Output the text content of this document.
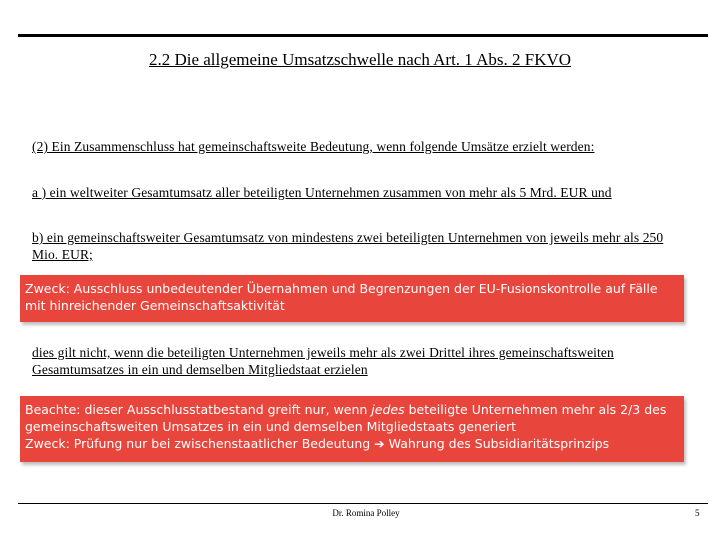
2.2 Die allgemeine Umsatzschwelle nach Art. 1 Abs. 2 FKVO
(2) Ein Zusammenschluss hat gemeinschaftsweite Bedeutung, wenn folgende Umsätze erzielt werden:
a ) ein weltweiter Gesamtumsatz aller beteiligten Unternehmen zusammen von mehr als 5 Mrd. EUR und
b) ein gemeinschaftsweiter Gesamtumsatz von mindestens zwei beteiligten Unternehmen von jeweils mehr als 250 Mio. EUR;
Zweck: Ausschluss unbedeutender Übernahmen und Begrenzungen der EU-Fusionskontrolle auf Fälle mit hinreichender Gemeinschaftsaktivität
dies gilt nicht, wenn die beteiligten Unternehmen jeweils mehr als zwei Drittel ihres gemeinschaftsweiten Gesamtumsatzes in ein und demselben Mitgliedstaat erzielen
Beachte: dieser Ausschlusstatbestand greift nur, wenn jedes beteiligte Unternehmen mehr als 2/3 des gemeinschaftsweiten Umsatzes in ein und demselben Mitgliedstaats generiert
Zweck: Prüfung nur bei zwischenstaatlicher Bedeutung ➔ Wahrung des Subsidiaritätsprinzips
Dr. Romina Polley	5
